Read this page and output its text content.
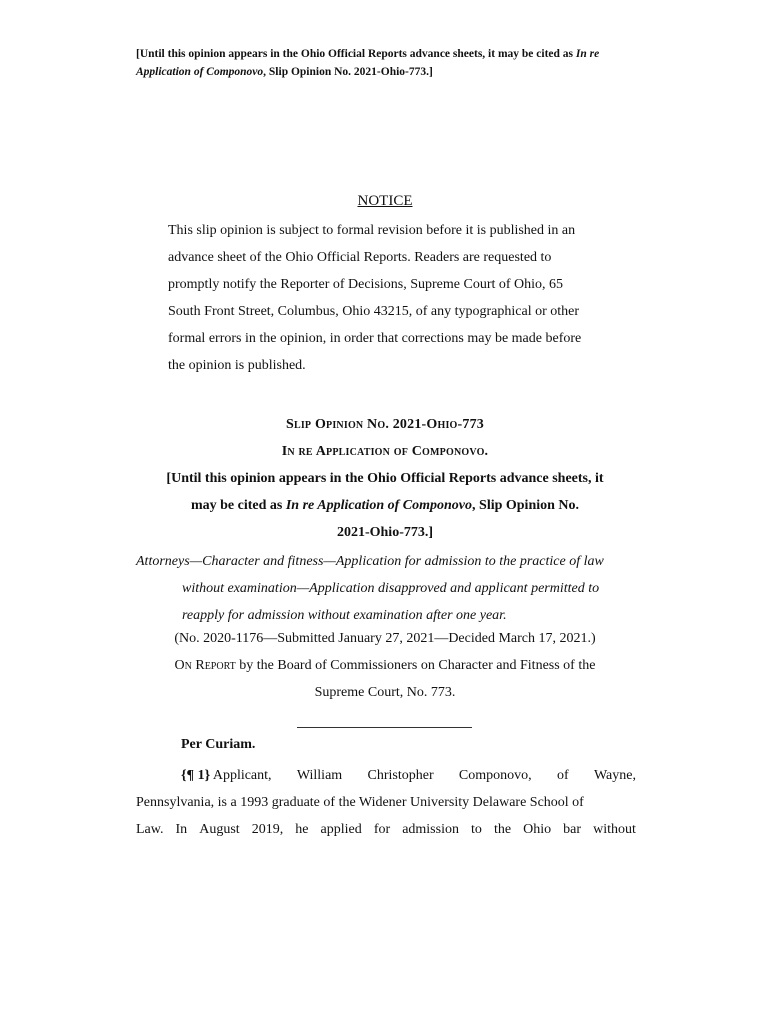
[Until this opinion appears in the Ohio Official Reports advance sheets, it may be cited as In re Application of Componovo, Slip Opinion No. 2021-Ohio-773.]
NOTICE
This slip opinion is subject to formal revision before it is published in an
advance sheet of the Ohio Official Reports. Readers are requested to
promptly notify the Reporter of Decisions, Supreme Court of Ohio, 65
South Front Street, Columbus, Ohio 43215, of any typographical or other
formal errors in the opinion, in order that corrections may be made before
the opinion is published.
Slip Opinion No. 2021-Ohio-773
In re Application of Componovo.
[Until this opinion appears in the Ohio Official Reports advance sheets, it
may be cited as In re Application of Componovo, Slip Opinion No.
2021-Ohio-773.]
Attorneys—Character and fitness—Application for admission to the practice of law
without examination—Application disapproved and applicant permitted to
reapply for admission without examination after one year.
(No. 2020-1176—Submitted January 27, 2021—Decided March 17, 2021.)
On Report by the Board of Commissioners on Character and Fitness of the
Supreme Court, No. 773.
Per Curiam.
{¶ 1} Applicant, William Christopher Componovo, of Wayne,
Pennsylvania, is a 1993 graduate of the Widener University Delaware School of
Law. In August 2019, he applied for admission to the Ohio bar without
